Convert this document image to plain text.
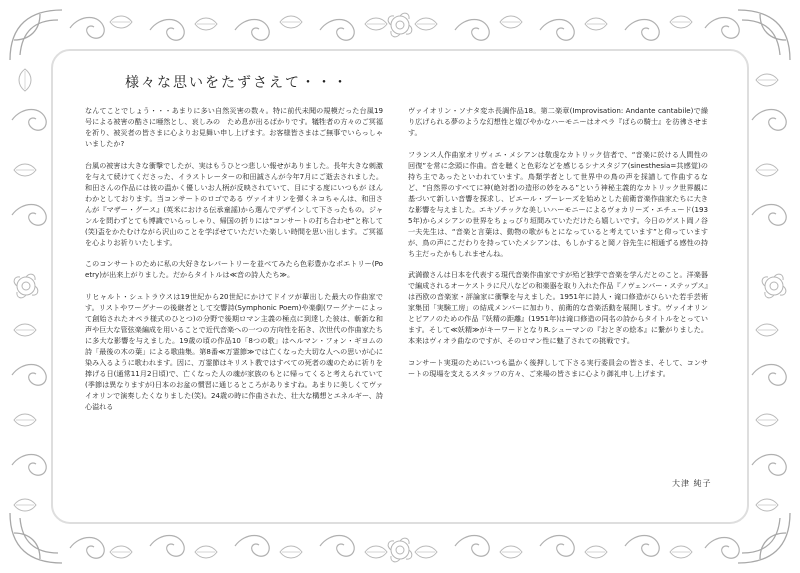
様々な思いをたずさえて・・・

なんてことでしょう・・・あまりに多い自然災害の数々。特に前代未聞の規模だった台風19号による被害の酷さに唖然とし、哀しみの　ため息が出るばかりです。犠牲者の方々のご冥福を祈り、被災者の皆さまに心よりお見舞い申し上げます。お客様皆さまはご無事でいらっしゃいましたか?

台風の被害は大きな衝撃でしたが、実はもうひとつ悲しい報せがありました。長年大きな刺激を与えて続けてくださった、イラストレーターの和田誠さんが今年7月にご逝去されました。和田さんの作品には彼の温かく優しいお人柄が反映されていて、目にする度にいつもが ほんわかとしております。当コンサートのロゴである ヴァイオリンを弾くネコちゃんは、和田さんが『マザー・グース』(英米における伝承童謡)から選んでデザインして下さったもの。ジャンルを問わずとても博識でいらっしゃり、帰国の折りには“コンサートの打ち合わせ”と称して(笑)盃をかたむけながら沢山のことを学ばせていただいた楽しい時間を思い出します。ご冥福を心よりお祈りいたします。

このコンサートのために私の大好きなレパートリーを並べてみたら色彩豊かなポエトリー(Poetry)が出来上がりました。だからタイトルは≪音の詩人たち≫。

リヒャルト・シュトラウスは19世紀から20世紀にかけてドイツが輩出した最大の作曲家です。リストやワーグナーの後継者として交響詩(Symphonic Poem)や楽劇(ワーグナーによって創始されたオペラ様式のひとつ)の分野で後期ロマン主義の極点に到達した彼は、斬新な和声や巨大な管弦楽編成を用いることで近代音楽への一つの方向性を拓き、次世代の作曲家たちに多大な影響を与えました。19歳の頃の作品10「8つの歌」はヘルマン・フォン・ギヨムの詩「最後の木の葉」による歌曲集。第8番≪万霊節≫では亡くなった大切な人への思いが心に染み入るように歌われます。因に、万霊節はキリスト教ではすべての死者の魂のために祈りを捧げる日(通常11月2日頃)で、亡くなった人の魂が家族のもとに帰ってくると考えられていて(季節は異なりますが)日本のお盆の慣習に通じるところがありますね。あまりに美しくてヴァイオリンで演奏したくなりました(笑)。24歳の時に作曲された、壮大な構想とエネルギー、詩心溢れる

ヴァイオリン・ソナタ変ホ長調作品18。第二楽章(Improvisation: Andante cantabile)で繰り広げられる夢のような幻想性と煌びやかなハーモニーはオペラ『ばらの騎士』を彷彿させます。

フランス人作曲家オリヴィエ・メシアンは敬虔なカトリック信者で、“音楽に於ける人間性の回復”を常に念頭に作曲。音を聴くと色彩などを感じるシナスタジア(sinesthesia=共感覚)の持ち主であったといわれています。鳥類学者として世界中の鳥の声を採譜して作曲するなど、“自然界のすべてに神(絶対者)の造形の妙をみる”という神秘主義的なカトリック世界観に基づいて新しい音響を探求し、ピエール・ブーレーズを始めとした前衛音楽作曲家たちに大きな影響を与えました。エキゾチックな美しいハーモニーによるヴォカリーズ・エチュード(1935年)からメシアンの世界をちょっぴり垣間みていただけたら嬉しいです。今日のゲスト岡ノ谷一夫先生は、“音楽と言葉は、動物の歌がもとになっていると考えています”と仰っていますが、鳥の声にこだわりを持っていたメシアンは、もしかすると岡ノ谷先生に相通ずる感性の持ち主だったかもしれませんね。

武満徹さんは日本を代表する現代音楽作曲家ですが殆ど独学で音楽を学んだとのこと。洋楽器で編成されるオーケストラに尺八などの和楽器を取り入れた作品『ノヴェンバー・ステップス』は西欧の音楽家・評論家に衝撃を与えました。1951年に詩人・滝口修造がひらいた若手芸術家集団「実験工房」の結成メンバーに加わり、前衛的な音楽活動を展開します。ヴァイオリンとピアノのための作品『妖精の距離』(1951年)は滝口修造の同名の詩からタイトルをとっています。そして≪妖精≫がキーワードとなりR.シューマンの『おとぎの絵本』に繋がりました。本来はヴィオラ曲なのですが、そのロマン性に魅了されての挑戦です。

コンサート実現のためにいつも温かく後押しして下さる実行委員会の皆さま、そして、コンサートの現場を支えるスタッフの方々、ご来場の皆さまに心より御礼申し上げます。

大津 純子
